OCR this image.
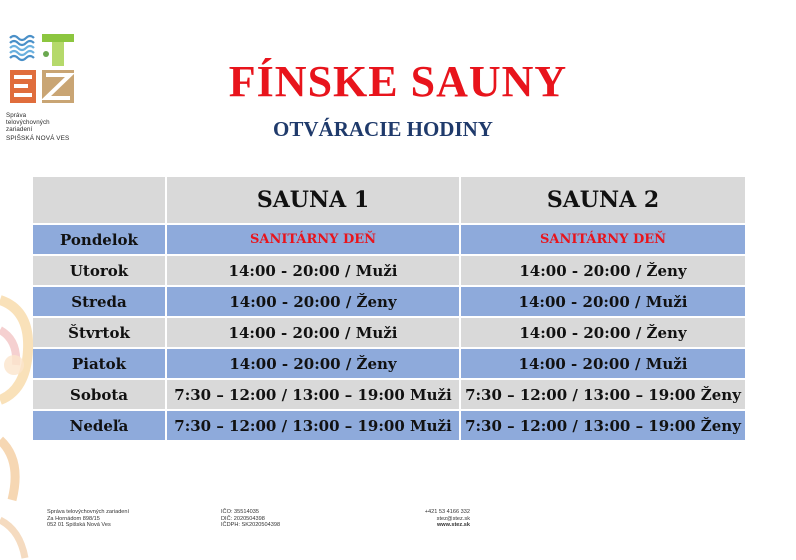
Správa
telovýchovných
zariadení
SPIŠSKÁ NOVÁ VES
FÍNSKE SAUNY
OTVÁRACIE HODINY
	SAUNA 1	SAUNA 2
Pondelok	SANITÁRNY DEŇ	SANITÁRNY DEŇ
Utorok	14:00 - 20:00 / Muži	14:00 - 20:00 / Ženy
Streda	14:00 - 20:00 / Ženy	14:00 - 20:00 / Muži
Štvrtok	14:00 - 20:00 / Muži	14:00 - 20:00 / Ženy
Piatok	14:00 - 20:00 / Ženy	14:00 - 20:00 / Muži
Sobota	7:30 – 12:00 / 13:00 – 19:00 Muži	7:30 – 12:00 / 13:00 – 19:00 Ženy
Nedeľa	7:30 – 12:00 / 13:00 – 19:00 Muži	7:30 – 12:00 / 13:00 – 19:00 Ženy
Správa telovýchovných zariadení
Za Hornádom 898/15
052 01 Spišská Nová Ves
IČO: 35514035
DIČ: 2020504398
IČDPH: SK2020504398
+421 53 4166 332
stez@stez.sk
www.stez.sk
